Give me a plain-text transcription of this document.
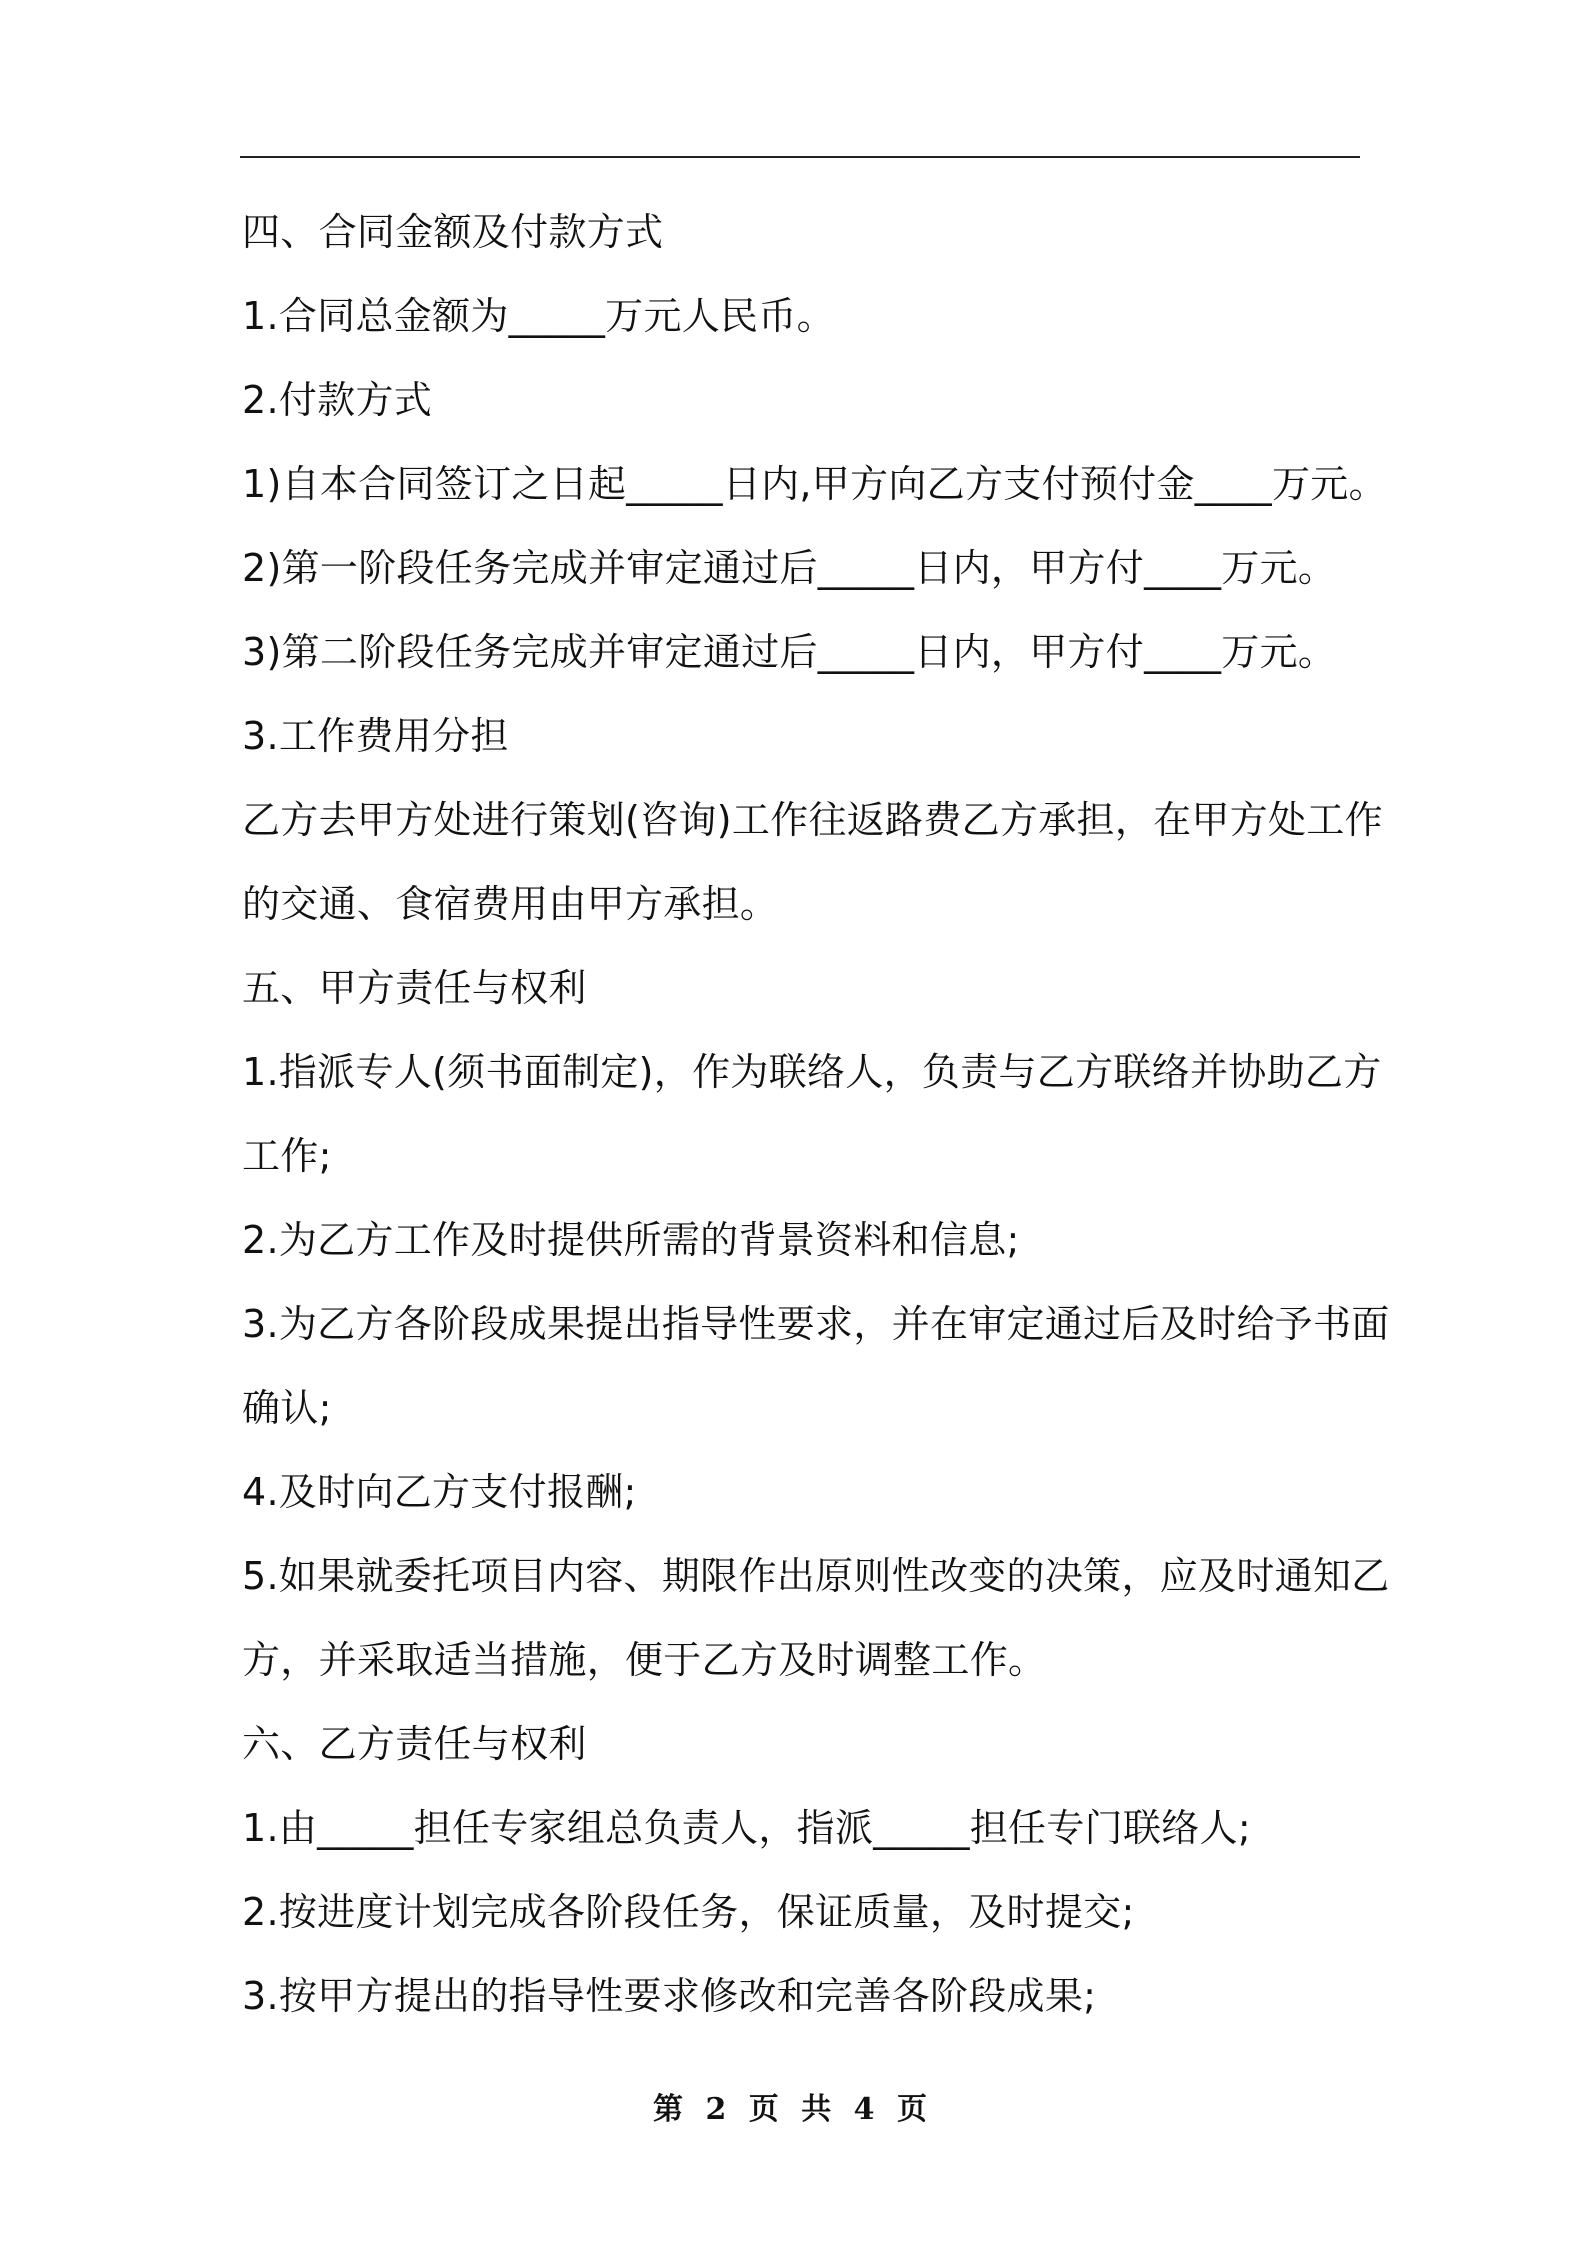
四、合同金额及付款方式
1.合同总金额为_____万元人民币。
2.付款方式
1)自本合同签订之日起_____日内,甲方向乙方支付预付金____万元。
2)第一阶段任务完成并审定通过后_____日内，甲方付____万元。
3)第二阶段任务完成并审定通过后_____日内，甲方付____万元。
3.工作费用分担
乙方去甲方处进行策划(咨询)工作往返路费乙方承担，在甲方处工作
的交通、食宿费用由甲方承担。
五、甲方责任与权利
1.指派专人(须书面制定)，作为联络人，负责与乙方联络并协助乙方
工作;
2.为乙方工作及时提供所需的背景资料和信息;
3.为乙方各阶段成果提出指导性要求，并在审定通过后及时给予书面
确认;
4.及时向乙方支付报酬;
5.如果就委托项目内容、期限作出原则性改变的决策，应及时通知乙
方，并采取适当措施，便于乙方及时调整工作。
六、乙方责任与权利
1.由_____担任专家组总负责人，指派_____担任专门联络人;
2.按进度计划完成各阶段任务，保证质量，及时提交;
3.按甲方提出的指导性要求修改和完善各阶段成果;
第 2 页 共 4 页
